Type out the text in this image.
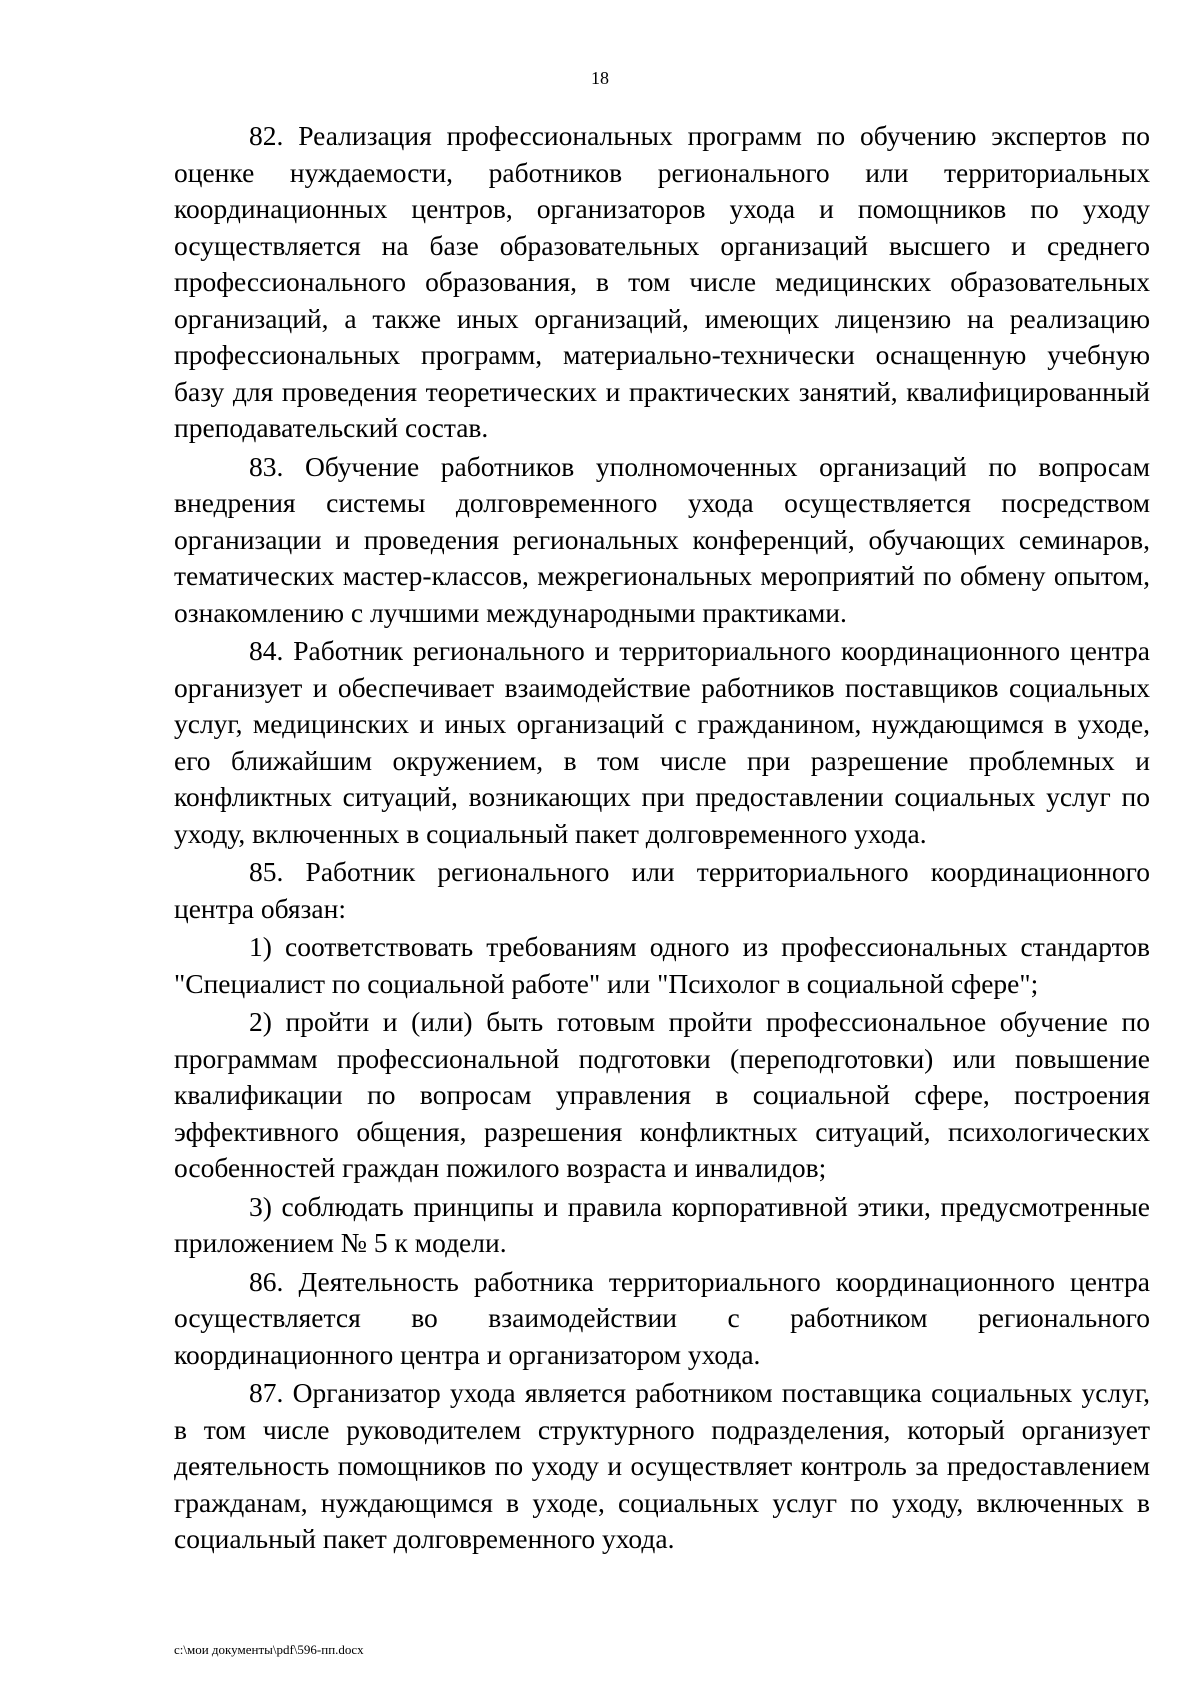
18

82. Реализация профессиональных программ по обучению экспертов по оценке нуждаемости, работников регионального или территориальных координационных центров, организаторов ухода и помощников по уходу осуществляется на базе образовательных организаций высшего и среднего профессионального образования, в том числе медицинских образовательных организаций, а также иных организаций, имеющих лицензию на реализацию профессиональных программ, материально-технически оснащенную учебную базу для проведения теоретических и практических занятий, квалифицированный преподавательский состав.

83. Обучение работников уполномоченных организаций по вопросам внедрения системы долговременного ухода осуществляется посредством организации и проведения региональных конференций, обучающих семинаров, тематических мастер-классов, межрегиональных мероприятий по обмену опытом, ознакомлению с лучшими международными практиками.

84. Работник регионального и территориального координационного центра организует и обеспечивает взаимодействие работников поставщиков социальных услуг, медицинских и иных организаций с гражданином, нуждающимся в уходе, его ближайшим окружением, в том числе при разрешение проблемных и конфликтных ситуаций, возникающих при предоставлении социальных услуг по уходу, включенных в социальный пакет долговременного ухода.

85. Работник регионального или территориального координационного центра обязан:

1) соответствовать требованиям одного из профессиональных стандартов "Специалист по социальной работе" или "Психолог в социальной сфере";

2) пройти и (или) быть готовым пройти профессиональное обучение по программам профессиональной подготовки (переподготовки) или повышение квалификации по вопросам управления в социальной сфере, построения эффективного общения, разрешения конфликтных ситуаций, психологических особенностей граждан пожилого возраста и инвалидов;

3) соблюдать принципы и правила корпоративной этики, предусмотренные приложением № 5 к модели.

86. Деятельность работника территориального координационного центра осуществляется во взаимодействии с работником регионального координационного центра и организатором ухода.

87. Организатор ухода является работником поставщика социальных услуг, в том числе руководителем структурного подразделения, который организует деятельность помощников по уходу и осуществляет контроль за предоставлением гражданам, нуждающимся в уходе, социальных услуг по уходу, включенных в социальный пакет долговременного ухода.

c:\мои документы\pdf\596-пп.docx
